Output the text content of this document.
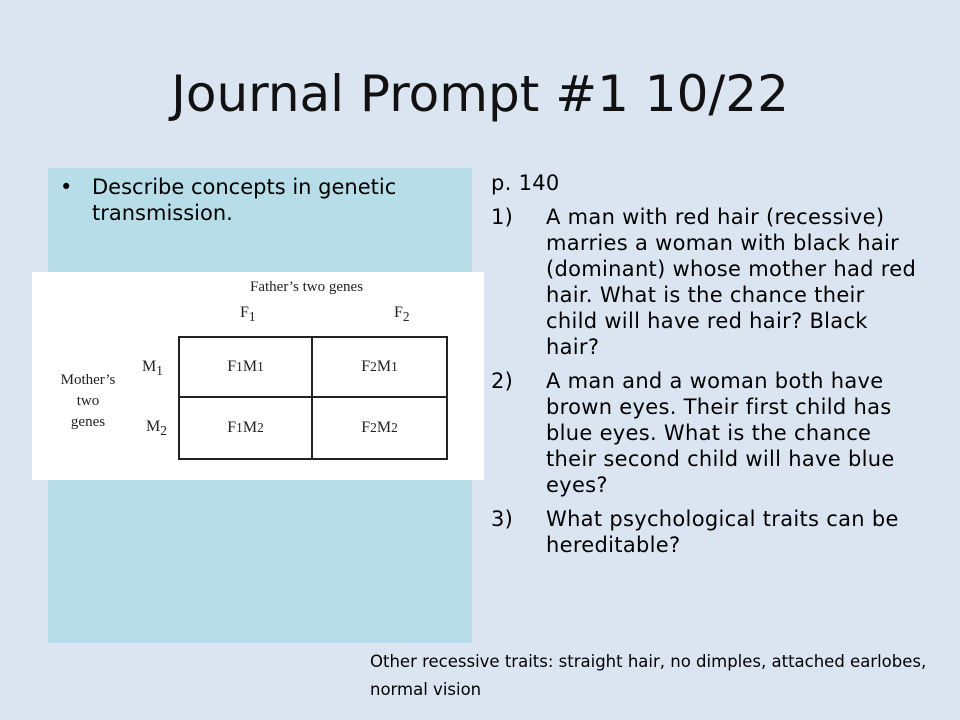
Journal Prompt #1 10/22
• Describe concepts in genetic transmission.
Father’s two genes
$F_1$	$F_2$
Mother’s
two
genes
$M_1$
$M_2$
F 1 M 1	F 2 M 1
F 1 M 2	F 2 M 2
p. 140
1) A man with red hair (recessive) marries a woman with black hair (dominant) whose mother had red hair. What is the chance their child will have red hair? Black hair?
2) A man and a woman both have brown eyes. Their first child has blue eyes. What is the chance their second child will have blue eyes?
3) What psychological traits can be hereditable?
Other recessive traits: straight hair, no dimples, attached earlobes, normal vision
